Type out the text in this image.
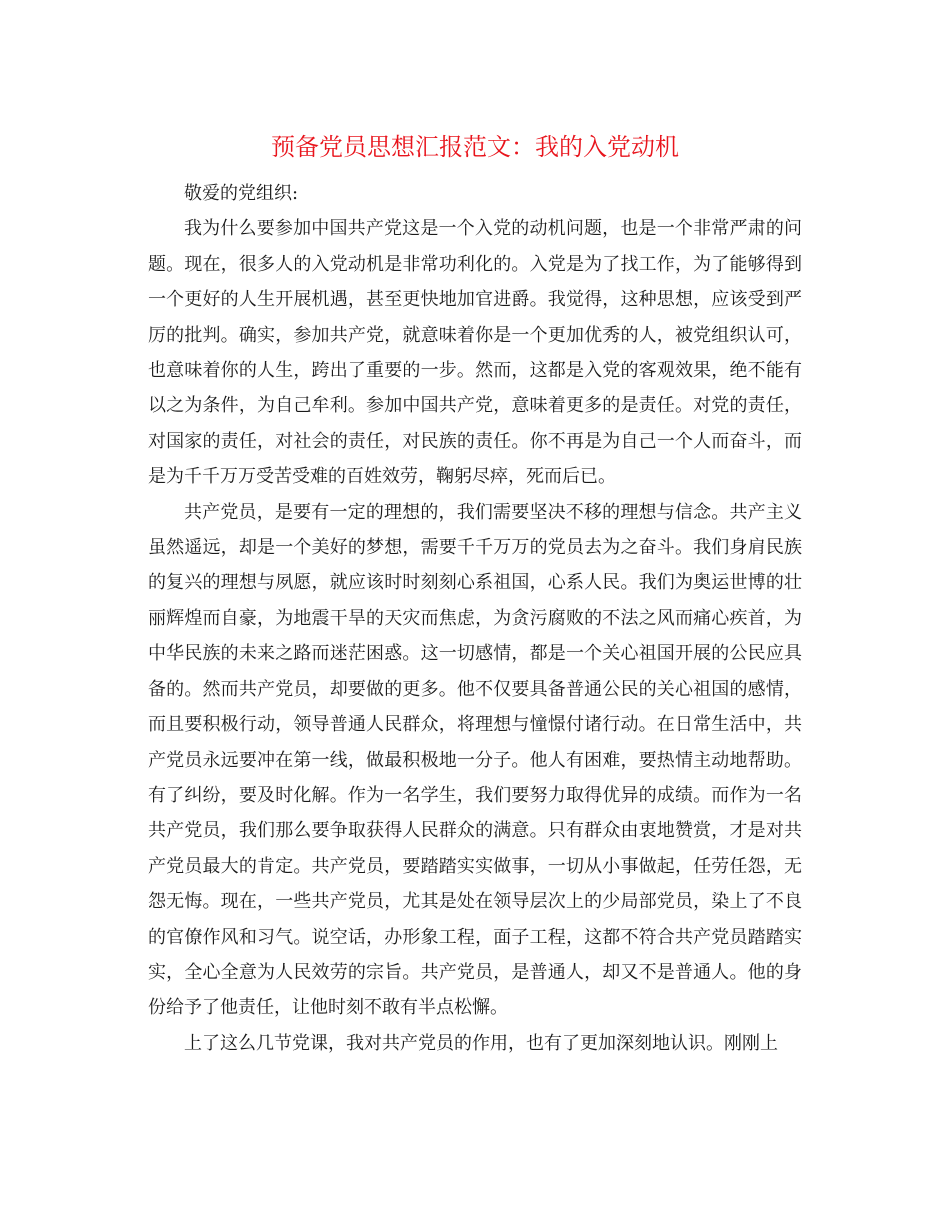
预备党员思想汇报范文：我的入党动机

敬爱的党组织:

我为什么要参加中国共产党这是一个入党的动机问题，也是一个非常严肃的问题。现在，很多人的入党动机是非常功利化的。入党是为了找工作，为了能够得到一个更好的人生开展机遇，甚至更快地加官进爵。我觉得，这种思想，应该受到严厉的批判。确实，参加共产党，就意味着你是一个更加优秀的人，被党组织认可，也意味着你的人生，跨出了重要的一步。然而，这都是入党的客观效果，绝不能有以之为条件，为自己牟利。参加中国共产党，意味着更多的是责任。对党的责任，对国家的责任，对社会的责任，对民族的责任。你不再是为自己一个人而奋斗，而是为千千万万受苦受难的百姓效劳，鞠躬尽瘁，死而后已。

共产党员，是要有一定的理想的，我们需要坚决不移的理想与信念。共产主义虽然遥远，却是一个美好的梦想，需要千千万万的党员去为之奋斗。我们身肩民族的复兴的理想与夙愿，就应该时时刻刻心系祖国，心系人民。我们为奥运世博的壮丽辉煌而自豪，为地震干旱的天灾而焦虑，为贪污腐败的不法之风而痛心疾首，为中华民族的未来之路而迷茫困惑。这一切感情，都是一个关心祖国开展的公民应具备的。然而共产党员，却要做的更多。他不仅要具备普通公民的关心祖国的感情，而且要积极行动，领导普通人民群众，将理想与憧憬付诸行动。在日常生活中，共产党员永远要冲在第一线，做最积极地一分子。他人有困难，要热情主动地帮助。有了纠纷，要及时化解。作为一名学生，我们要努力取得优异的成绩。而作为一名共产党员，我们那么要争取获得人民群众的满意。只有群众由衷地赞赏，才是对共产党员最大的肯定。共产党员，要踏踏实实做事，一切从小事做起，任劳任怨，无怨无悔。现在，一些共产党员，尤其是处在领导层次上的少局部党员，染上了不良的官僚作风和习气。说空话，办形象工程，面子工程，这都不符合共产党员踏踏实实，全心全意为人民效劳的宗旨。共产党员，是普通人，却又不是普通人。他的身份给予了他责任，让他时刻不敢有半点松懈。

上了这么几节党课，我对共产党员的作用，也有了更加深刻地认识。刚刚上
